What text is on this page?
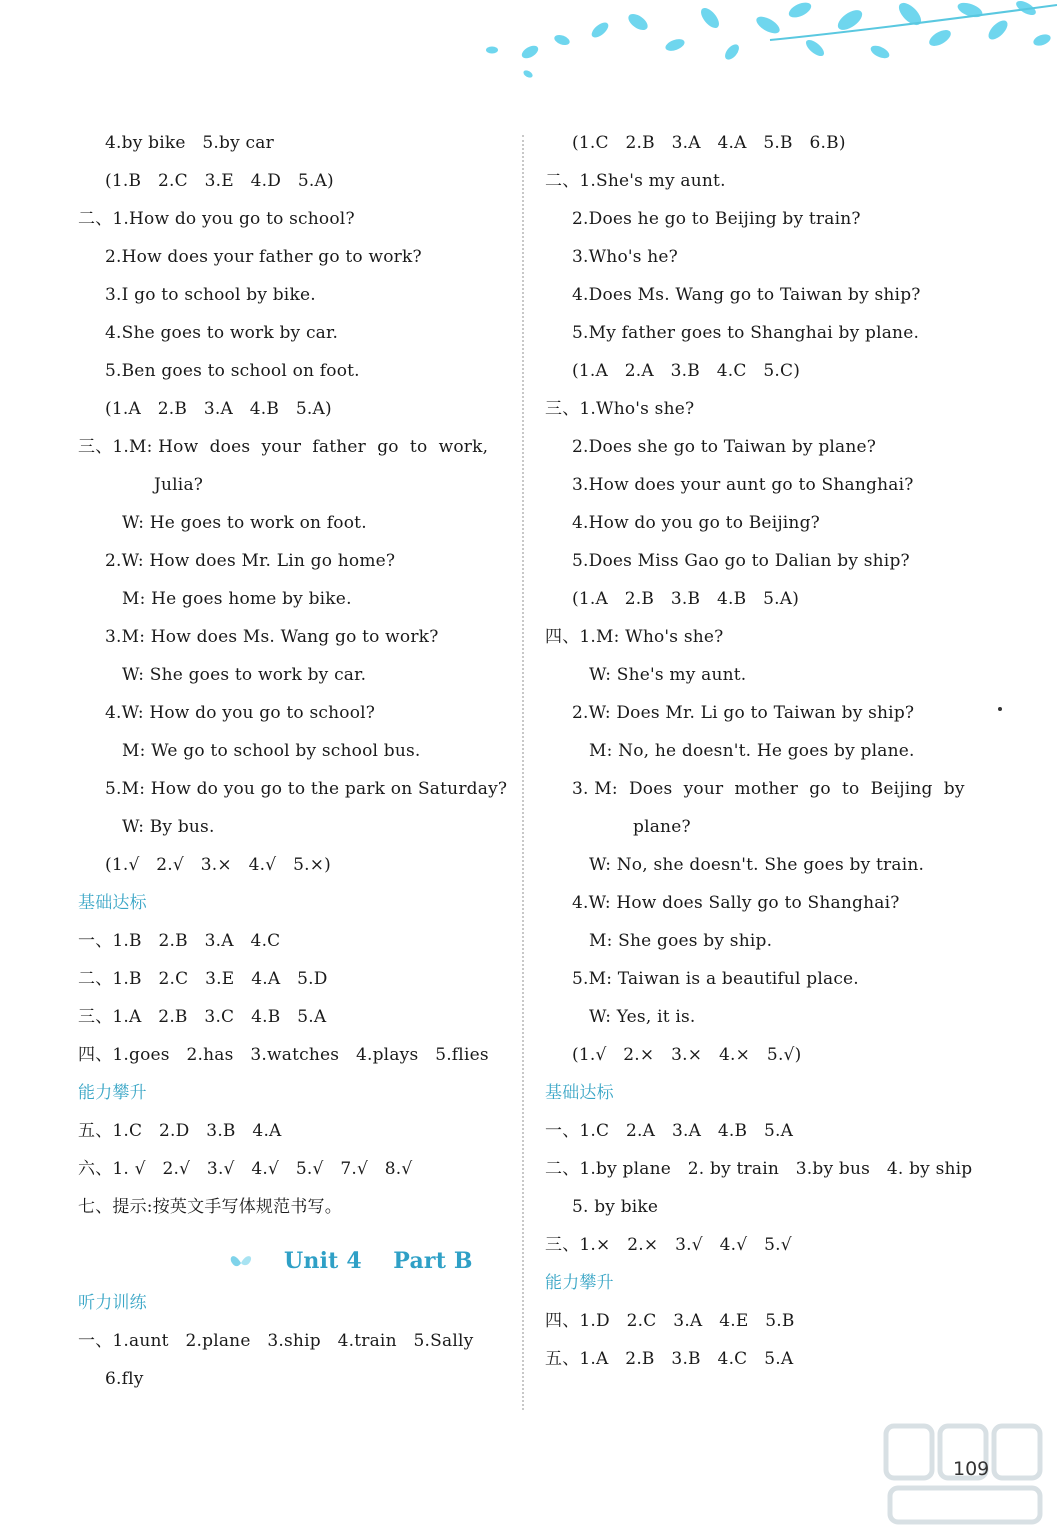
4.by bike   5.by car
(1.B   2.C   3.E   4.D   5.A)
二、1.How do you go to school?
2.How does your father go to work?
3.I go to school by bike.
4.She goes to work by car.
5.Ben goes to school on foot.
(1.A   2.B   3.A   4.B   5.A)
三、1.M: How  does  your  father  go  to  work,
Julia?
W: He goes to work on foot.
2.W: How does Mr. Lin go home?
M: He goes home by bike.
3.M: How does Ms. Wang go to work?
W: She goes to work by car.
4.W: How do you go to school?
M: We go to school by school bus.
5.M: How do you go to the park on Saturday?
W: By bus.
(1.√   2.√   3.×   4.√   5.×)
基础达标
一、1.B   2.B   3.A   4.C
二、1.B   2.C   3.E   4.A   5.D
三、1.A   2.B   3.C   4.B   5.A
四、1.goes   2.has   3.watches   4.plays   5.flies
能力攀升
五、1.C   2.D   3.B   4.A
六、1. √   2.√   3.√   4.√   5.√   7.√   8.√
七、提示:按英文手写体规范书写。
Unit 4    Part B
听力训练
一、1.aunt   2.plane   3.ship   4.train   5.Sally
6.fly
(1.C   2.B   3.A   4.A   5.B   6.B)
二、1.She's my aunt.
2.Does he go to Beijing by train?
3.Who's he?
4.Does Ms. Wang go to Taiwan by ship?
5.My father goes to Shanghai by plane.
(1.A   2.A   3.B   4.C   5.C)
三、1.Who's she?
2.Does she go to Taiwan by plane?
3.How does your aunt go to Shanghai?
4.How do you go to Beijing?
5.Does Miss Gao go to Dalian by ship?
(1.A   2.B   3.B   4.B   5.A)
四、1.M: Who's she?
W: She's my aunt.
2.W: Does Mr. Li go to Taiwan by ship?
M: No, he doesn't. He goes by plane.
3. M:  Does  your  mother  go  to  Beijing  by
plane?
W: No, she doesn't. She goes by train.
4.W: How does Sally go to Shanghai?
M: She goes by ship.
5.M: Taiwan is a beautiful place.
W: Yes, it is.
(1.√   2.×   3.×   4.×   5.√)
基础达标
一、1.C   2.A   3.A   4.B   5.A
二、1.by plane   2. by train   3.by bus   4. by ship
5. by bike
三、1.×   2.×   3.√   4.√   5.√
能力攀升
四、1.D   2.C   3.A   4.E   5.B
五、1.A   2.B   3.B   4.C   5.A
109
